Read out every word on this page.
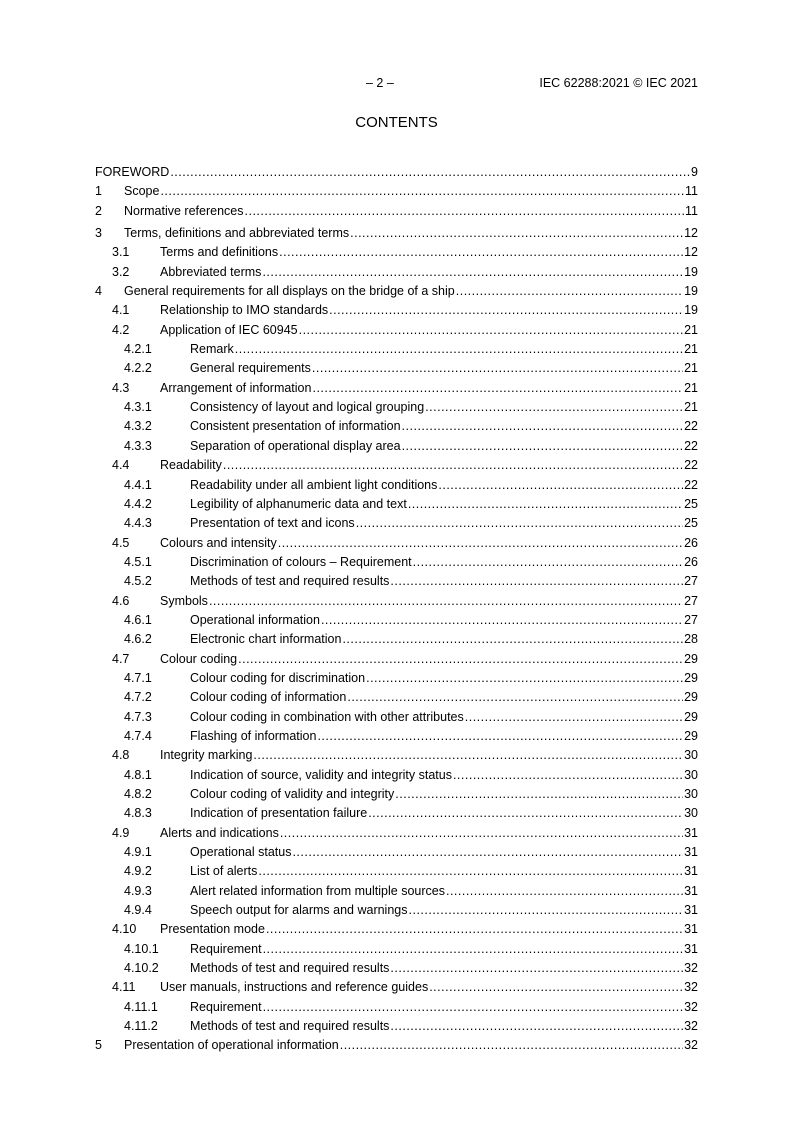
– 2 –	IEC 62288:2021 © IEC 2021
CONTENTS
FOREWORD .....	9
1 Scope .....	11
2 Normative references .....	11
3 Terms, definitions and abbreviated terms .....	12
3.1 Terms and definitions .....	12
3.2 Abbreviated terms .....	19
4 General requirements for all displays on the bridge of a ship .....	19
4.1 Relationship to IMO standards .....	19
4.2 Application of IEC 60945 .....	21
4.2.1	Remark .....	21
4.2.2	General requirements .....	21
4.3 Arrangement of information .....	21
4.3.1	Consistency of layout and logical grouping .....	21
4.3.2	Consistent presentation of information .....	22
4.3.3	Separation of operational display area .....	22
4.4 Readability .....	22
4.4.1	Readability under all ambient light conditions .....	22
4.4.2	Legibility of alphanumeric data and text .....	25
4.4.3	Presentation of text and icons .....	25
4.5 Colours and intensity .....	26
4.5.1	Discrimination of colours – Requirement .....	26
4.5.2	Methods of test and required results .....	27
4.6 Symbols .....	27
4.6.1	Operational information .....	27
4.6.2	Electronic chart information .....	28
4.7 Colour coding .....	29
4.7.1	Colour coding for discrimination .....	29
4.7.2	Colour coding of information .....	29
4.7.3	Colour coding in combination with other attributes .....	29
4.7.4	Flashing of information .....	29
4.8 Integrity marking .....	30
4.8.1	Indication of source, validity and integrity status .....	30
4.8.2	Colour coding of validity and integrity .....	30
4.8.3	Indication of presentation failure .....	30
4.9 Alerts and indications .....	31
4.9.1	Operational status .....	31
4.9.2	List of alerts .....	31
4.9.3	Alert related information from multiple sources .....	31
4.9.4	Speech output for alarms and warnings .....	31
4.10 Presentation mode .....	31
4.10.1 Requirement .....	31
4.10.2 Methods of test and required results .....	32
4.11 User manuals, instructions and reference guides .....	32
4.11.1	Requirement .....	32
4.11.2	Methods of test and required results .....	32
5 Presentation of operational information .....	32
